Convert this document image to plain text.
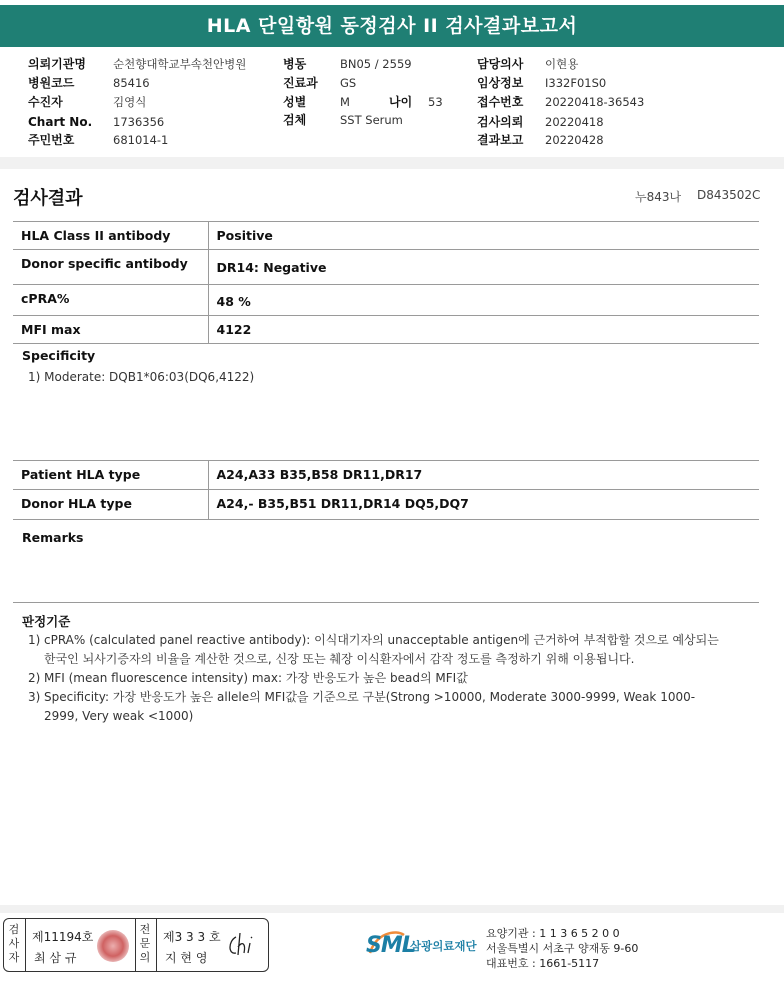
HLA 단일항원 동정검사 II 검사결과보고서
의뢰기관명 순천향대학교부속천안병원	병동	BN05 / 2559	담당의사 이현용
병원코드	85416	진료과 GS	임상정보 I332F01S0
수진자	김영식	성별	M	나이 53	접수번호 20220418-36543
Chart No. 1736356	검체	SST Serum	검사의뢰 20220418
주민번호	681014-1	결과보고 20220428
검사결과	누843나 D843502C
HLA Class II antibody	Positive
Donor specific antibody	DR14: Negative
cPRA%	48 %
MFI max	4122
Specificity
1) Moderate: DQB1*06:03(DQ6,4122)
Patient HLA type	A24,A33 B35,B58 DR11,DR17
Donor HLA type	A24,- B35,B51 DR11,DR14 DQ5,DQ7
Remarks
판정기준
1) cPRA% (calculated panel reactive antibody): 이식대기자의 unacceptable antigen에 근거하여 부적합할 것으로 예상되는 한국인 뇌사기증자의 비율을 계산한 것으로, 신장 또는 췌장 이식환자에서 감작 정도를 측정하기 위해 이용됩니다.
2) MFI (mean fluorescence intensity) max: 가장 반응도가 높은 bead의 MFI값
3) Specificity: 가장 반응도가 높은 allele의 MFI값을 기준으로 구분(Strong >10000, Moderate 3000-9999, Weak 1000-2999, Very weak <1000)
검사자
제11194호
최 삼 규
전문의
제3 3 3 호
지 현 영	SML
삼광의료재단
요양기관 : 1 1 3 6 5 2 0 0
서울특별시 서초구 양재동 9-60
대표번호 : 1661-5117
